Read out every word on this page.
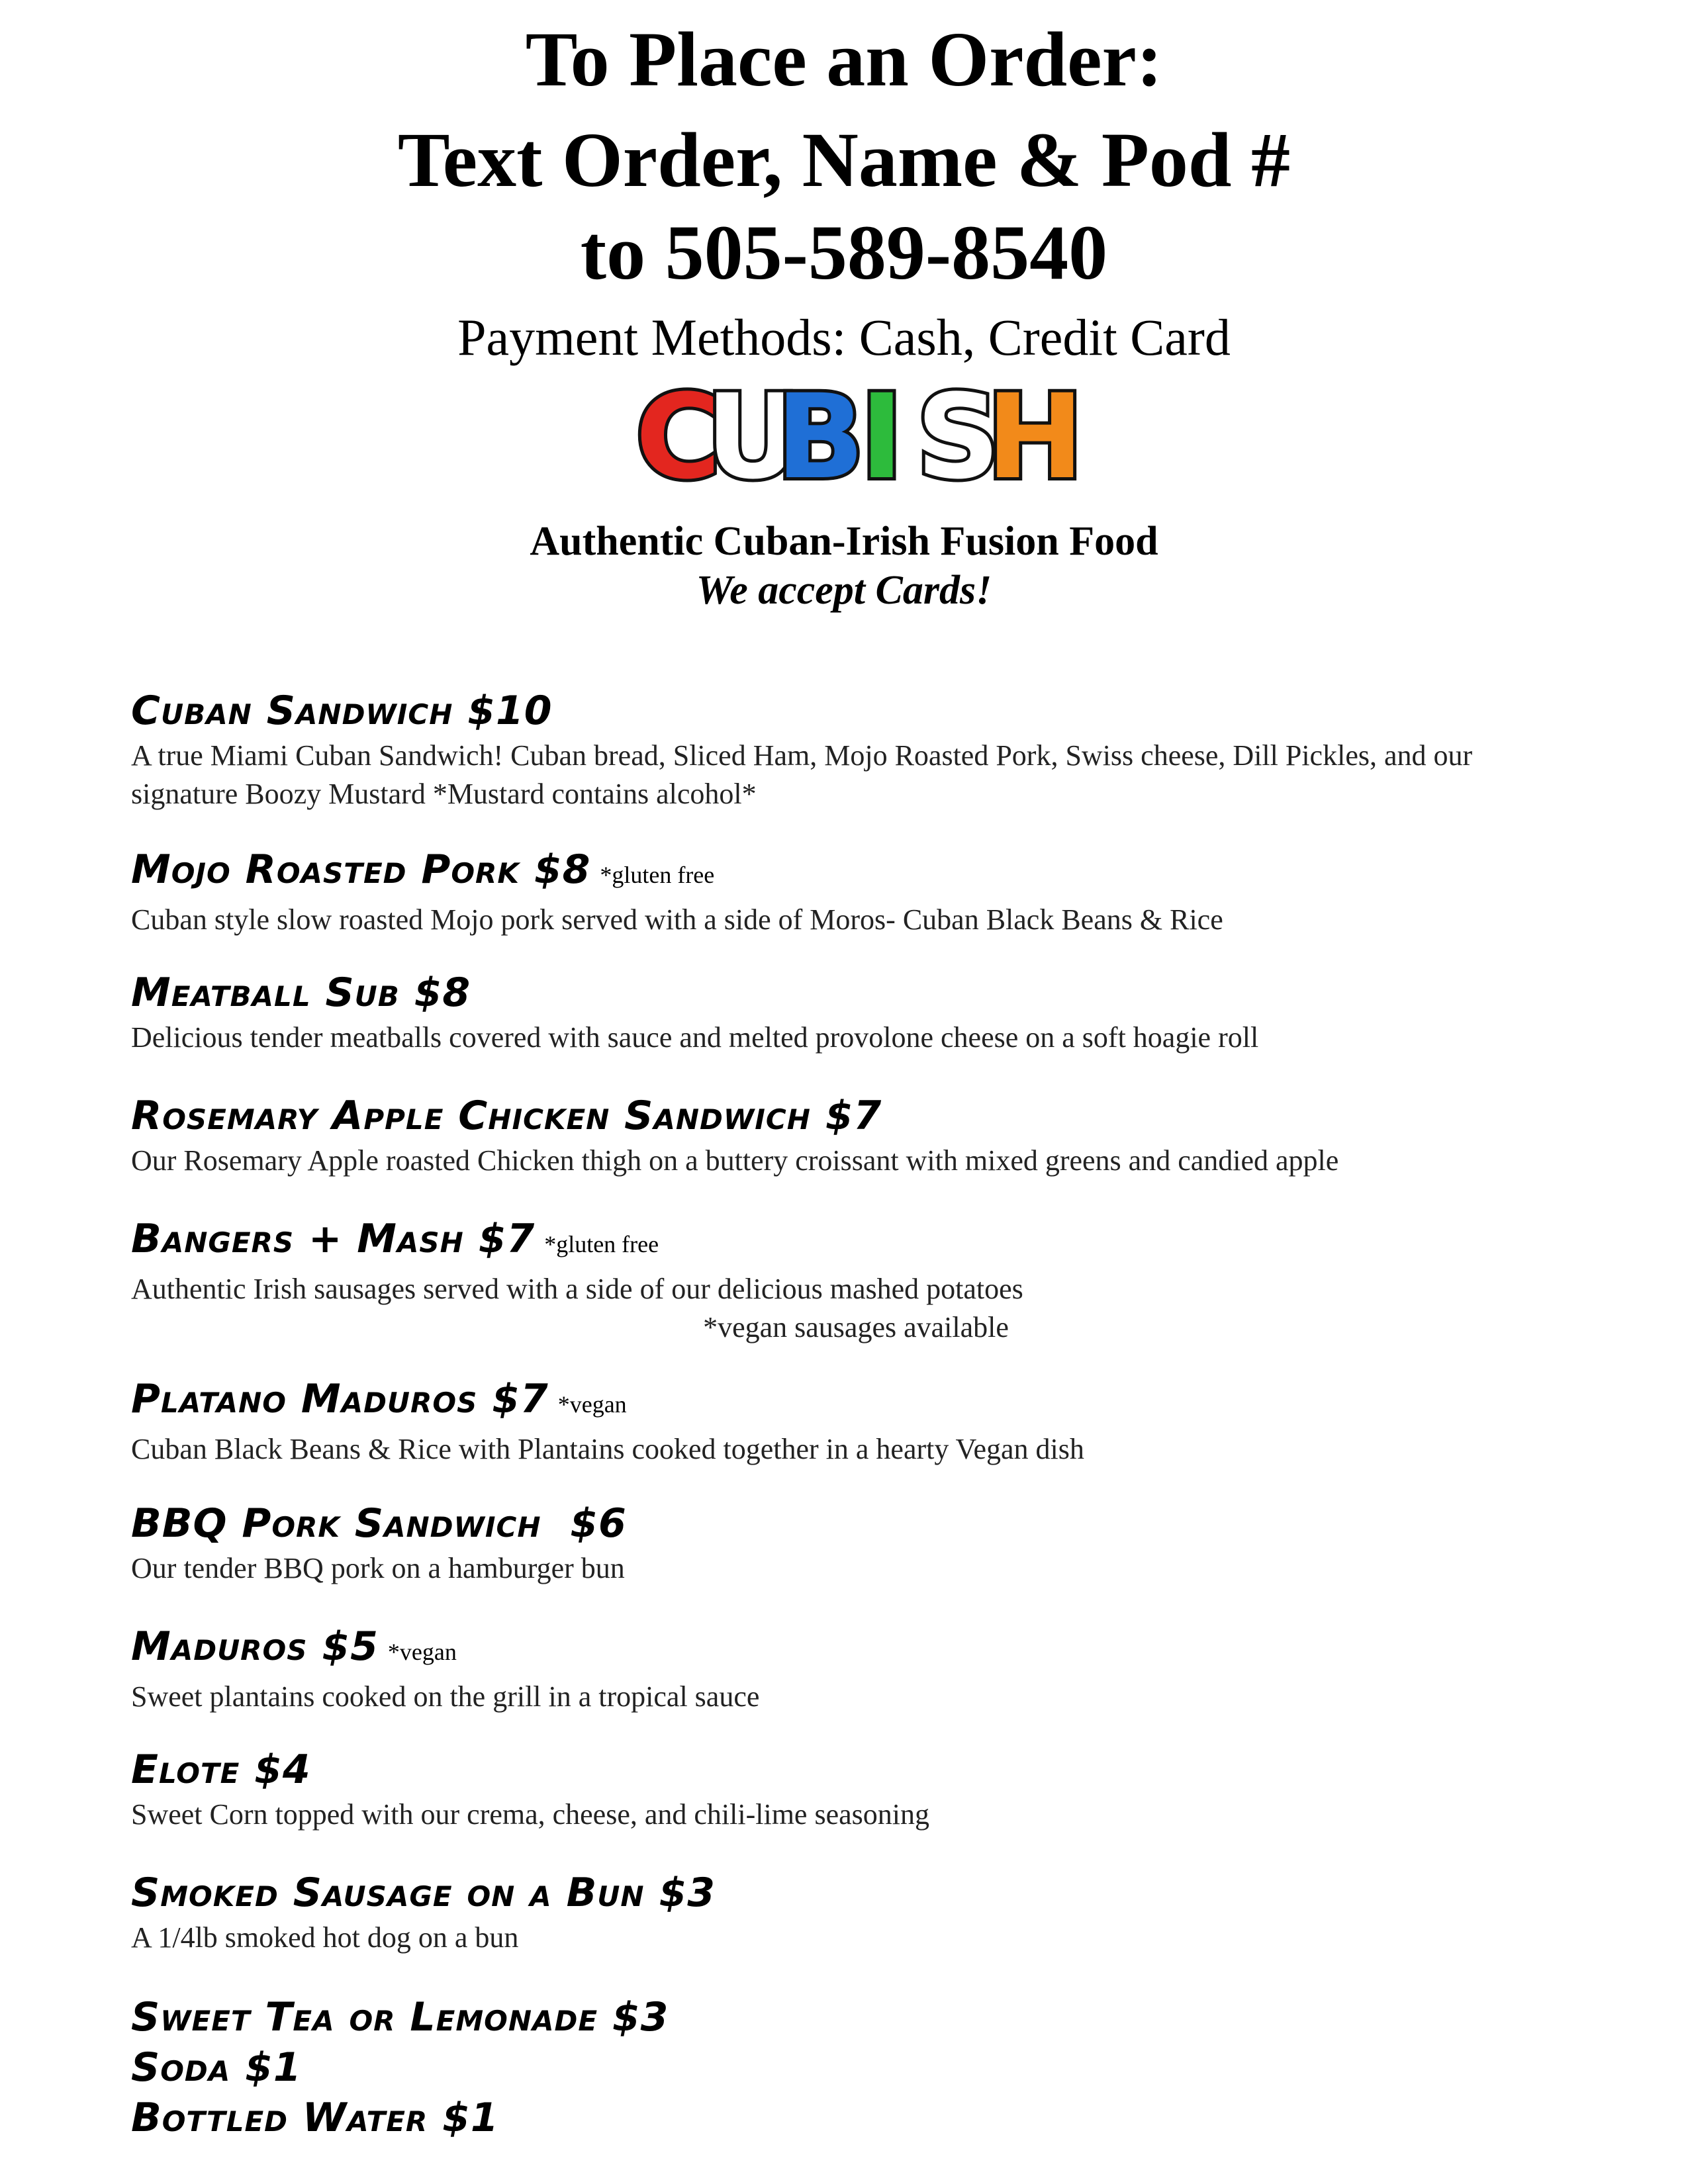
To Place an Order:
Text Order, Name & Pod #
to 505-589-8540
Payment Methods: Cash, Credit Card
C
U
B
I S
H
Authentic Cuban-Irish Fusion Food
We accept Cards!
Cuban Sandwich $10
A true Miami Cuban Sandwich! Cuban bread, Sliced Ham, Mojo Roasted Pork, Swiss cheese, Dill Pickles, and our
signature Boozy Mustard *Mustard contains alcohol*
Mojo Roasted Pork $8 *gluten free
Cuban style slow roasted Mojo pork served with a side of Moros- Cuban Black Beans & Rice
Meatball Sub $8
Delicious tender meatballs covered with sauce and melted provolone cheese on a soft hoagie roll
Rosemary Apple Chicken Sandwich $7
Our Rosemary Apple roasted Chicken thigh on a buttery croissant with mixed greens and candied apple
Bangers + Mash $7 *gluten free
Authentic Irish sausages served with a side of our delicious mashed potatoes
*vegan sausages available
Platano Maduros $7 *vegan
Cuban Black Beans & Rice with Plantains cooked together in a hearty Vegan dish
BBQ Pork Sandwich  $6
Our tender BBQ pork on a hamburger bun
Maduros $5 *vegan
Sweet plantains cooked on the grill in a tropical sauce
Elote $4
Sweet Corn topped with our crema, cheese, and chili-lime seasoning
Smoked Sausage on a Bun $3
A 1/4lb smoked hot dog on a bun
Sweet Tea or Lemonade $3
Soda $1
Bottled Water $1
